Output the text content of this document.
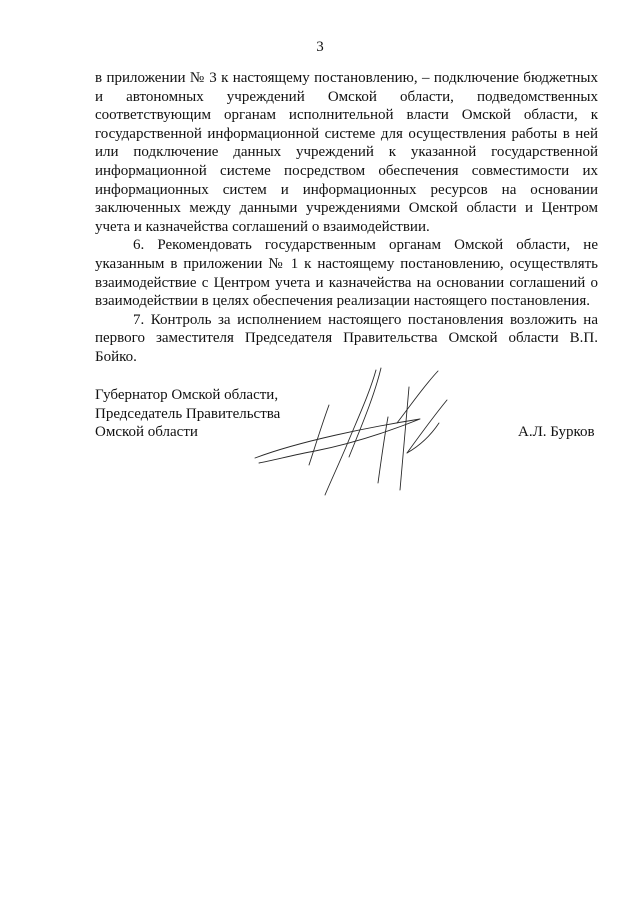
3

в приложении № 3 к настоящему постановлению, – подключение бюджетных и автономных учреждений Омской области, подведомственных соответствующим органам исполнительной власти Омской области, к государственной информационной системе для осуществления работы в ней или подключение данных учреждений к указанной государственной информационной системе посредством обеспечения совместимости их информационных систем и информационных ресурсов на основании заключенных между данными учреждениями Омской области и Центром учета и казначейства соглашений о взаимодействии.

6. Рекомендовать государственным органам Омской области, не указанным в приложении № 1 к настоящему постановлению, осуществлять взаимодействие с Центром учета и казначейства на основании соглашений о взаимодействии в целях обеспечения реализации настоящего постановления.

7. Контроль за исполнением настоящего постановления возложить на первого заместителя Председателя Правительства Омской области В.П. Бойко.

Губернатор Омской области,
Председатель Правительства
Омской области	А.Л. Бурков
